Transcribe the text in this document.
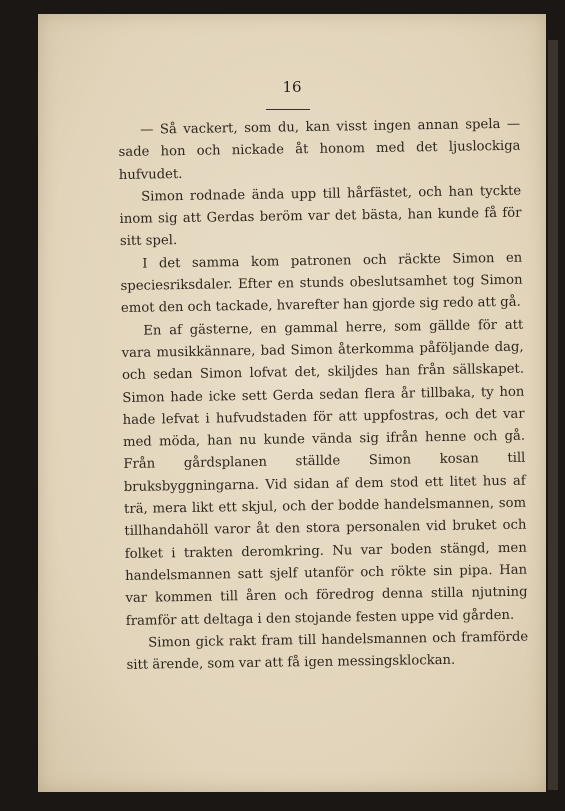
16

— Så vackert, som du, kan visst ingen annan spela — sade hon och nickade åt honom med det ljuslockiga hufvudet.

Simon rodnade ända upp till hårfästet, och han tyckte inom sig att Gerdas beröm var det bästa, han kunde få för sitt spel.

I det samma kom patronen och räckte Simon en speciesriksdaler. Efter en stunds obeslutsamhet tog Simon emot den och tackade, hvarefter han gjorde sig redo att gå.

En af gästerne, en gammal herre, som gällde för att vara musikkännare, bad Simon återkomma påföljande dag, och sedan Simon lofvat det, skiljdes han från sällskapet. Simon hade icke sett Gerda sedan flera år tillbaka, ty hon hade lefvat i hufvudstaden för att uppfostras, och det var med möda, han nu kunde vända sig ifrån henne och gå. Från gårdsplanen ställde Simon kosan till bruksbyggningarna. Vid sidan af dem stod ett litet hus af trä, mera likt ett skjul, och der bodde handelsmannen, som tillhandahöll varor åt den stora personalen vid bruket och folket i trakten deromkring. Nu var boden stängd, men handelsmannen satt sjelf utanför och rökte sin pipa. Han var kommen till åren och föredrog denna stilla njutning framför att deltaga i den stojande festen uppe vid gården.

Simon gick rakt fram till handelsmannen och framförde sitt ärende, som var att få igen messingsklockan.
